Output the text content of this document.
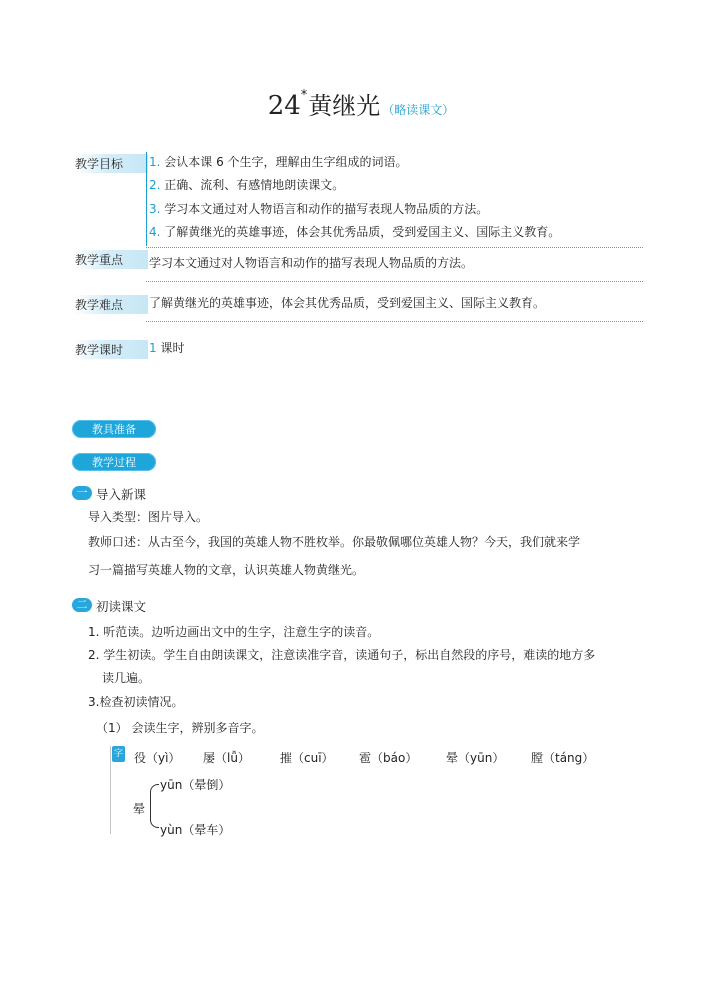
24*黄继光 （略读课文）
教学目标	1. 会认本课 6 个生字，理解由生字组成的词语。
2. 正确、流利、有感情地朗读课文。
3. 学习本文通过对人物语言和动作的描写表现人物品质的方法。
4. 了解黄继光的英雄事迹，体会其优秀品质，受到爱国主义、国际主义教育。
教学重点	学习本文通过对人物语言和动作的描写表现人物品质的方法。
教学难点	了解黄继光的英雄事迹，体会其优秀品质，受到爱国主义、国际主义教育。
教学课时	1 课时
教具准备
教学过程
一 导入新课
导入类型：图片导入。
教师口述：从古至今，我国的英雄人物不胜枚举。你最敬佩哪位英雄人物？今天，我们就来学
习一篇描写英雄人物的文章，认识英雄人物黄继光。
二 初读课文
1. 听范读。边听边画出文中的生字，注意生字的读音。
2. 学生初读。学生自由朗读课文，注意读准字音，读通句子，标出自然段的序号，难读的地方多
读几遍。
3.检查初读情况。
（1） 会读生字，辨别多音字。
字 役（yì） 屡（lǚ）	摧（cuī） 雹（báo） 晕（yūn） 膛（táng）
晕
yūn（晕倒）
yùn（晕车）
